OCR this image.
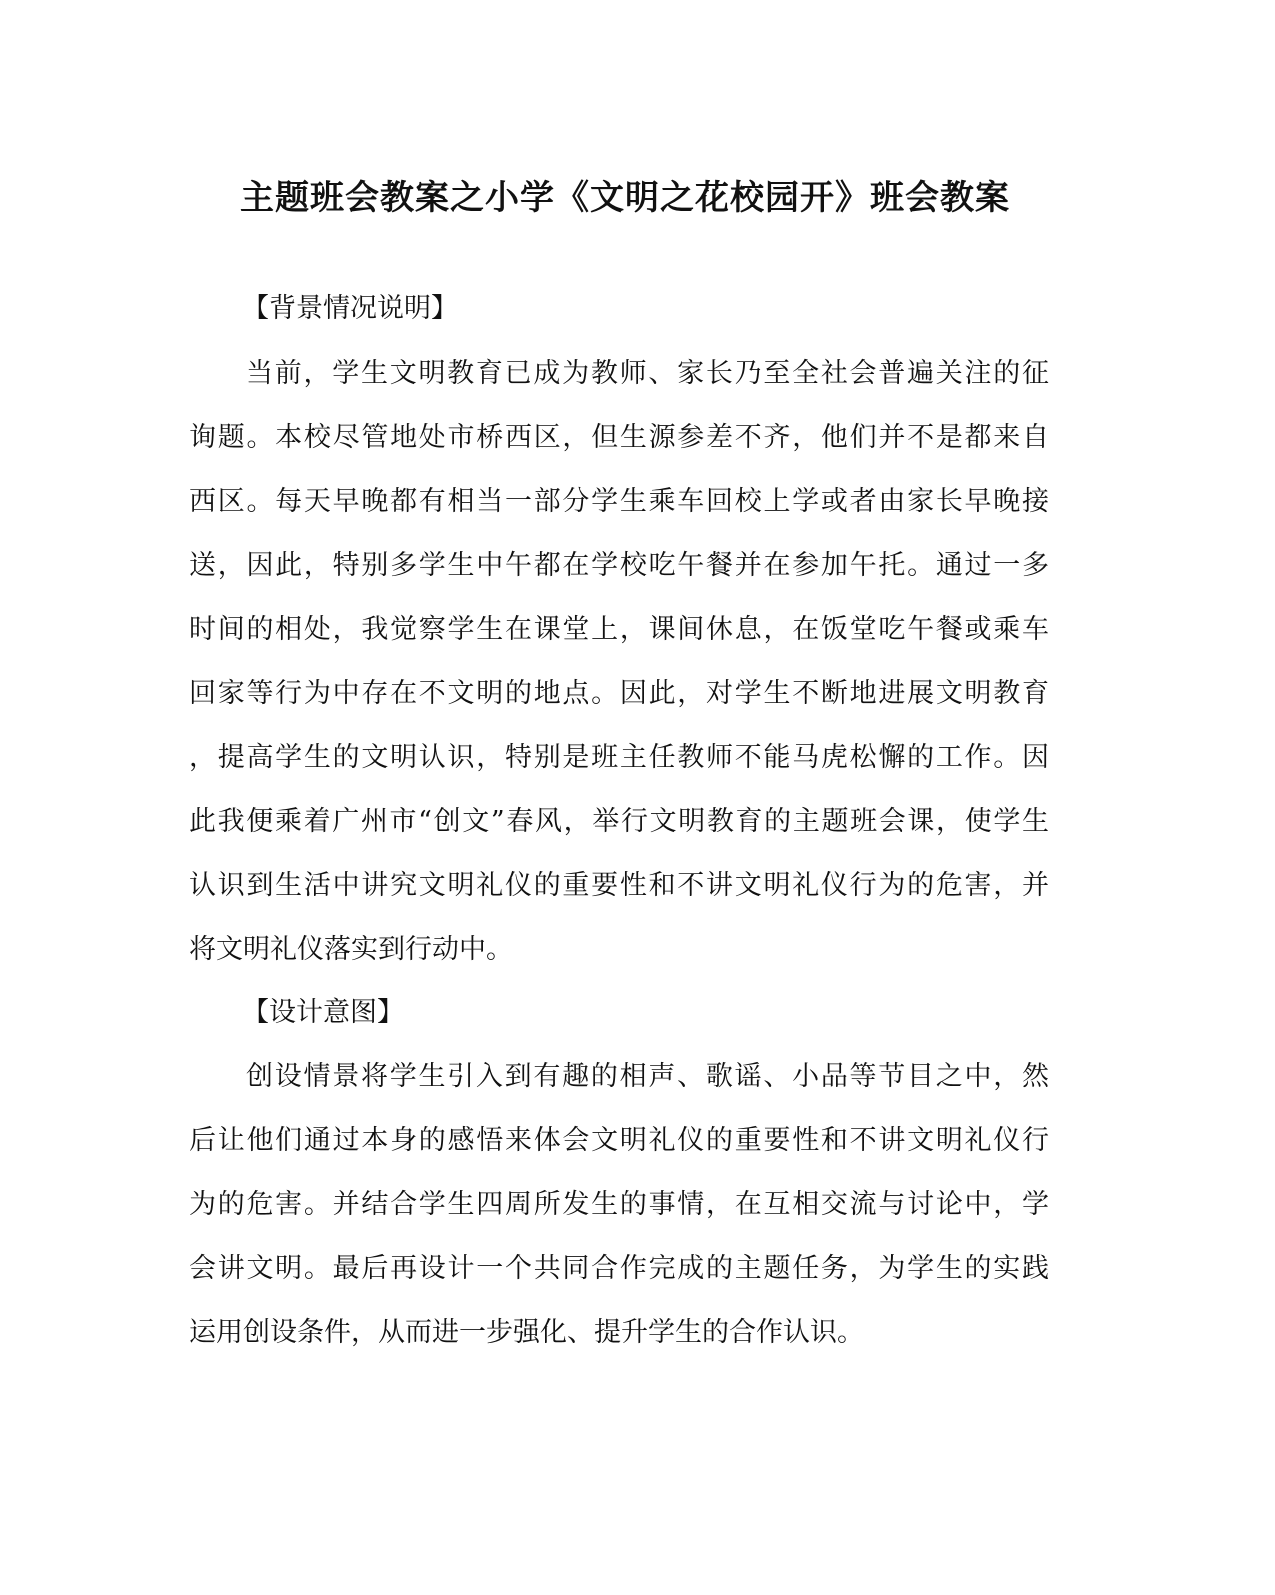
主题班会教案之小学《文明之花校园开》班会教案
【背景情况说明】
当前，学生文明教育已成为教师、家长乃至全社会普遍关注的征
询题。本校尽管地处市桥西区，但生源参差不齐，他们并不是都来自
西区。每天早晚都有相当一部分学生乘车回校上学或者由家长早晚接
送，因此，特别多学生中午都在学校吃午餐并在参加午托。通过一多
时间的相处，我觉察学生在课堂上，课间休息，在饭堂吃午餐或乘车
回家等行为中存在不文明的地点。因此，对学生不断地进展文明教育
，提高学生的文明认识，特别是班主任教师不能马虎松懈的工作。因
此我便乘着广州市“创文”春风，举行文明教育的主题班会课，使学生
认识到生活中讲究文明礼仪的重要性和不讲文明礼仪行为的危害，并
将文明礼仪落实到行动中。
【设计意图】
创设情景将学生引入到有趣的相声、歌谣、小品等节目之中，然
后让他们通过本身的感悟来体会文明礼仪的重要性和不讲文明礼仪行
为的危害。并结合学生四周所发生的事情，在互相交流与讨论中，学
会讲文明。最后再设计一个共同合作完成的主题任务，为学生的实践
运用创设条件，从而进一步强化、提升学生的合作认识。
